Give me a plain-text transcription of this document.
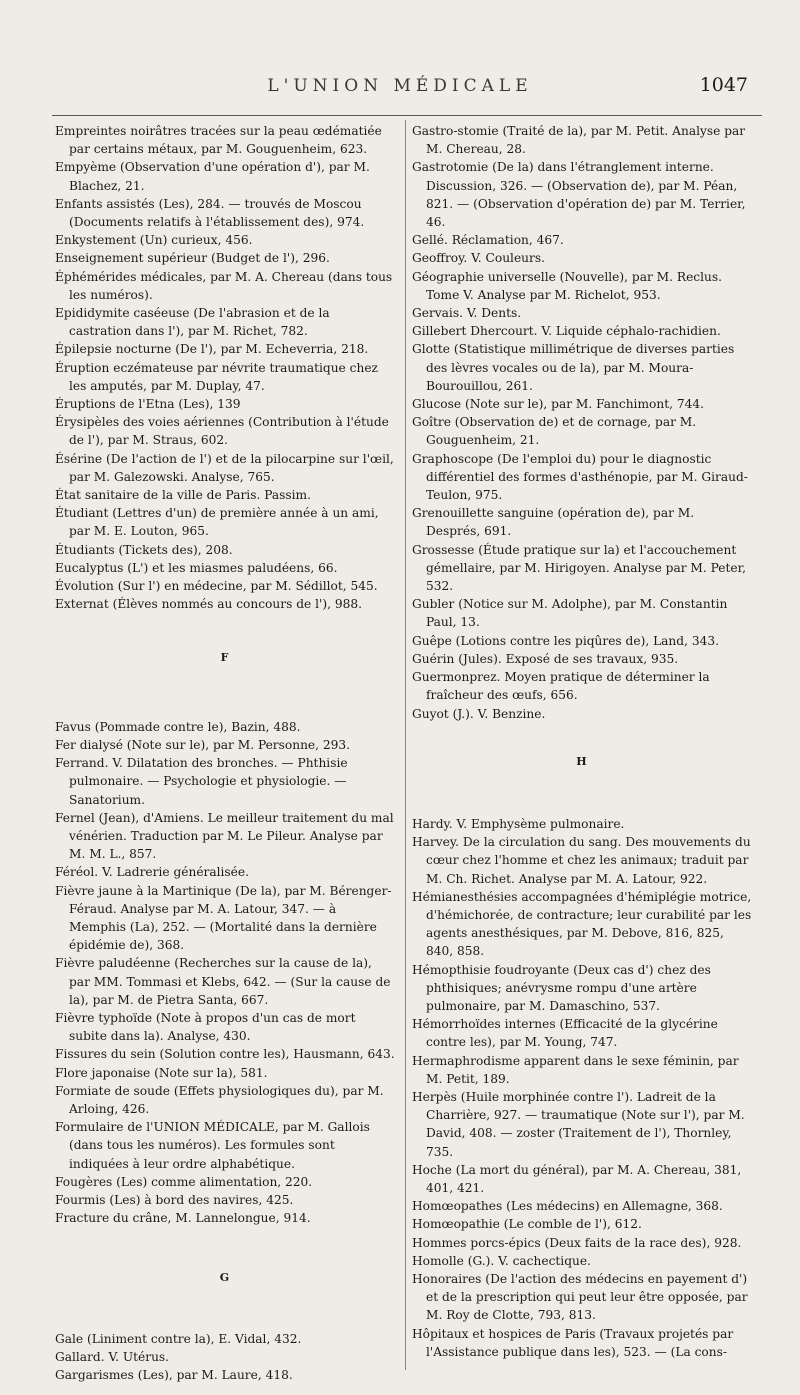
L'UNION MÉDICALE	1047

Empreintes noirâtres tracées sur la peau œdématiée par certains métaux, par M. Gouguenheim, 623.

Empyème (Observation d'une opération d'), par M. Blachez, 21.

Enfants assistés (Les), 284. — trouvés de Moscou (Documents relatifs à l'établissement des), 974.

Enkystement (Un) curieux, 456.

Enseignement supérieur (Budget de l'), 296.

Éphémérides médicales, par M. A. Chereau (dans tous les numéros).

Epididymite caséeuse (De l'abrasion et de la castration dans l'), par M. Richet, 782.

Épilepsie nocturne (De l'), par M. Echeverria, 218.

Éruption eczémateuse par névrite traumatique chez les amputés, par M. Duplay, 47.

Éruptions de l'Etna (Les), 139

Érysipèles des voies aériennes (Contribution à l'étude de l'), par M. Straus, 602.

Ésérine (De l'action de l') et de la pilocarpine sur l'œil, par M. Galezowski. Analyse, 765.

État sanitaire de la ville de Paris. Passim.

Étudiant (Lettres d'un) de première année à un ami, par M. E. Louton, 965.

Étudiants (Tickets des), 208.

Eucalyptus (L') et les miasmes paludéens, 66.

Évolution (Sur l') en médecine, par M. Sédillot, 545.

Externat (Élèves nommés au concours de l'), 988.

F

Favus (Pommade contre le), Bazin, 488.

Fer dialysé (Note sur le), par M. Personne, 293.

Ferrand. V. Dilatation des bronches. — Phthisie pulmonaire. — Psychologie et physiologie. — Sanatorium.

Fernel (Jean), d'Amiens. Le meilleur traitement du mal vénérien. Traduction par M. Le Pileur. Analyse par M. M. L., 857.

Féréol. V. Ladrerie généralisée.

Fièvre jaune à la Martinique (De la), par M. Bérenger-Féraud. Analyse par M. A. Latour, 347. — à Memphis (La), 252. — (Mortalité dans la dernière épidémie de), 368.

Fièvre paludéenne (Recherches sur la cause de la), par MM. Tommasi et Klebs, 642. — (Sur la cause de la), par M. de Pietra Santa, 667.

Fièvre typhoïde (Note à propos d'un cas de mort subite dans la). Analyse, 430.

Fissures du sein (Solution contre les), Hausmann, 643.

Flore japonaise (Note sur la), 581.

Formiate de soude (Effets physiologiques du), par M. Arloing, 426.

Formulaire de l'UNION MÉDICALE, par M. Gallois (dans tous les numéros). Les formules sont indiquées à leur ordre alphabétique.

Fougères (Les) comme alimentation, 220.

Fourmis (Les) à bord des navires, 425.

Fracture du crâne, M. Lannelongue, 914.

G

Gale (Liniment contre la), E. Vidal, 432.

Gallard. V. Utérus.

Gargarismes (Les), par M. Laure, 418.

Gastro-stomie (Traité de la), par M. Petit. Analyse par M. Chereau, 28.

Gastrotomie (De la) dans l'étranglement interne. Discussion, 326. — (Observation de), par M. Péan, 821. — (Observation d'opération de) par M. Terrier, 46.

Gellé. Réclamation, 467.

Geoffroy. V. Couleurs.

Géographie universelle (Nouvelle), par M. Reclus. Tome V. Analyse par M. Richelot, 953.

Gervais. V. Dents.

Gillebert Dhercourt. V. Liquide céphalo-rachidien.

Glotte (Statistique millimétrique de diverses parties des lèvres vocales ou de la), par M. Moura-Bourouillou, 261.

Glucose (Note sur le), par M. Fanchimont, 744.

Goître (Observation de) et de cornage, par M. Gouguenheim, 21.

Graphoscope (De l'emploi du) pour le diagnostic différentiel des formes d'asthénopie, par M. Giraud-Teulon, 975.

Grenouillette sanguine (opération de), par M. Després, 691.

Grossesse (Étude pratique sur la) et l'accouchement gémellaire, par M. Hirigoyen. Analyse par M. Peter, 532.

Gubler (Notice sur M. Adolphe), par M. Constantin Paul, 13.

Guêpe (Lotions contre les piqûres de), Land, 343.

Guérin (Jules). Exposé de ses travaux, 935.

Guermonprez. Moyen pratique de déterminer la fraîcheur des œufs, 656.

Guyot (J.). V. Benzine.

H

Hardy. V. Emphysème pulmonaire.

Harvey. De la circulation du sang. Des mouvements du cœur chez l'homme et chez les animaux; traduit par M. Ch. Richet. Analyse par M. A. Latour, 922.

Hémianesthésies accompagnées d'hémiplégie motrice, d'hémichorée, de contracture; leur curabilité par les agents anesthésiques, par M. Debove, 816, 825, 840, 858.

Hémopthisie foudroyante (Deux cas d') chez des phthisiques; anévrysme rompu d'une artère pulmonaire, par M. Damaschino, 537.

Hémorrhoïdes internes (Efficacité de la glycérine contre les), par M. Young, 747.

Hermaphrodisme apparent dans le sexe féminin, par M. Petit, 189.

Herpès (Huile morphinée contre l'). Ladreit de la Charrière, 927. — traumatique (Note sur l'), par M. David, 408. — zoster (Traitement de l'), Thornley, 735.

Hoche (La mort du général), par M. A. Chereau, 381, 401, 421.

Homœopathes (Les médecins) en Allemagne, 368.

Homœopathie (Le comble de l'), 612.

Hommes porcs-épics (Deux faits de la race des), 928.

Homolle (G.). V. cachectique.

Honoraires (De l'action des médecins en payement d') et de la prescription qui peut leur être opposée, par M. Roy de Clotte, 793, 813.

Hôpitaux et hospices de Paris (Travaux projetés par l'Assistance publique dans les), 523. — (La cons-
